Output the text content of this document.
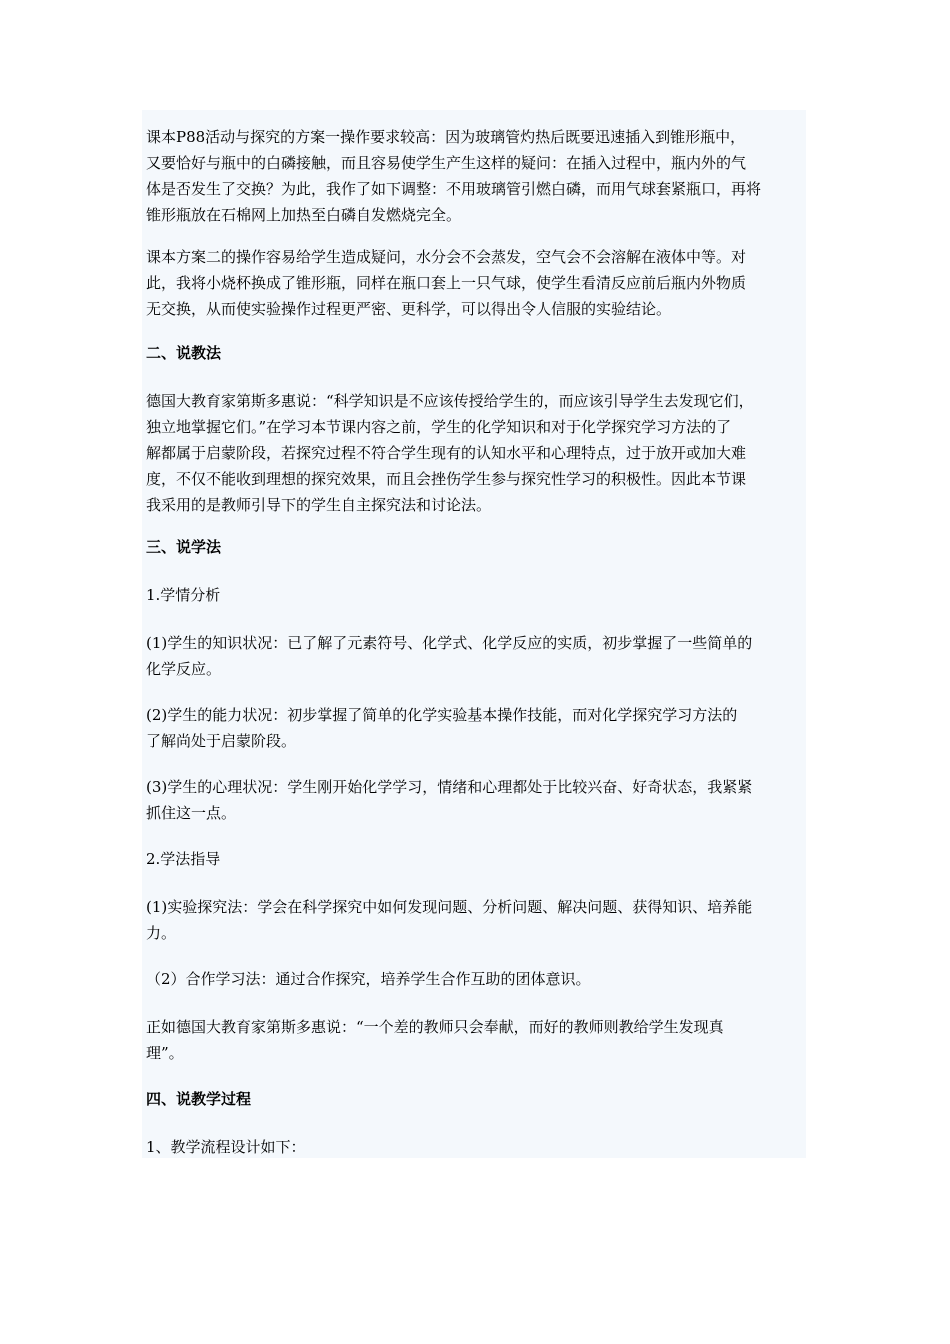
课本P88活动与探究的方案一操作要求较高：因为玻璃管灼热后既要迅速插入到锥形瓶中，
又要恰好与瓶中的白磷接触，而且容易使学生产生这样的疑问：在插入过程中，瓶内外的气
体是否发生了交换？为此，我作了如下调整：不用玻璃管引燃白磷，而用气球套紧瓶口，再将
锥形瓶放在石棉网上加热至白磷自发燃烧完全。
课本方案二的操作容易给学生造成疑问，水分会不会蒸发，空气会不会溶解在液体中等。对
此，我将小烧杯换成了锥形瓶，同样在瓶口套上一只气球，使学生看清反应前后瓶内外物质
无交换，从而使实验操作过程更严密、更科学，可以得出令人信服的实验结论。
二、说教法
德国大教育家第斯多惠说：“科学知识是不应该传授给学生的，而应该引导学生去发现它们，
独立地掌握它们。”在学习本节课内容之前，学生的化学知识和对于化学探究学习方法的了
解都属于启蒙阶段，若探究过程不符合学生现有的认知水平和心理特点，过于放开或加大难
度，不仅不能收到理想的探究效果，而且会挫伤学生参与探究性学习的积极性。因此本节课
我采用的是教师引导下的学生自主探究法和讨论法。
三、说学法
1.学情分析
(1)学生的知识状况：已了解了元素符号、化学式、化学反应的实质，初步掌握了一些简单的
化学反应。
(2)学生的能力状况：初步掌握了简单的化学实验基本操作技能，而对化学探究学习方法的
了解尚处于启蒙阶段。
(3)学生的心理状况：学生刚开始化学学习，情绪和心理都处于比较兴奋、好奇状态，我紧紧
抓住这一点。
2.学法指导
(1)实验探究法：学会在科学探究中如何发现问题、分析问题、解决问题、获得知识、培养能
力。
（2）合作学习法：通过合作探究，培养学生合作互助的团体意识。
正如德国大教育家第斯多惠说：“一个差的教师只会奉献，而好的教师则教给学生发现真
理”。
四、说教学过程
1、教学流程设计如下：
